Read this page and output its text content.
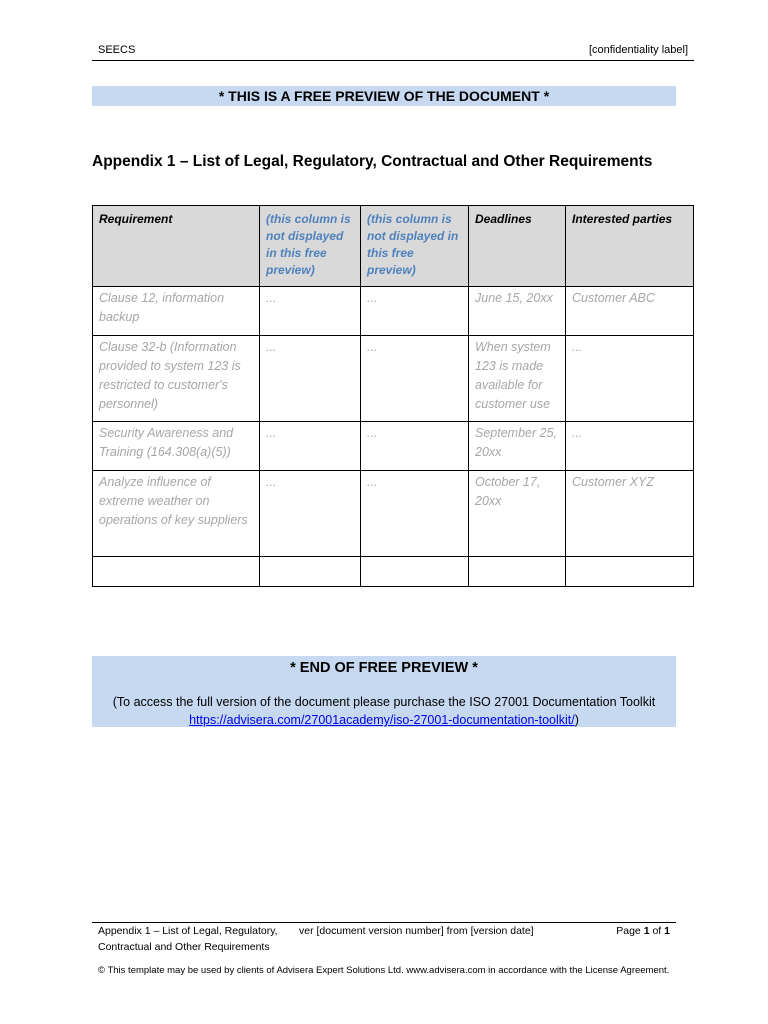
SEECS	[confidentiality label]
* THIS IS A FREE PREVIEW OF THE DOCUMENT *
Appendix 1 – List of Legal, Regulatory, Contractual and Other Requirements
Requirement	(this column is not displayed in this free preview)	(this column is not displayed in this free preview)	Deadlines	Interested parties
Clause 12, information backup	...	...	June 15, 20xx	Customer ABC
Clause 32-b (Information provided to system 123 is restricted to customer's personnel)	...	...	When system 123 is made available for customer use	...
Security Awareness and Training (164.308(a)(5))	...	...	September 25, 20xx	...
Analyze influence of extreme weather on operations of key suppliers	...	...	October 17, 20xx	Customer XYZ

* END OF FREE PREVIEW *
(To access the full version of the document please purchase the ISO 27001 Documentation Toolkit
https://advisera.com/27001academy/iso-27001-documentation-toolkit/)
Appendix 1 – List of Legal, Regulatory, Contractual and Other Requirements
ver [document version number] from [version date]	Page 1 of 1
© This template may be used by clients of Advisera Expert Solutions Ltd. www.advisera.com in accordance with the License Agreement.
